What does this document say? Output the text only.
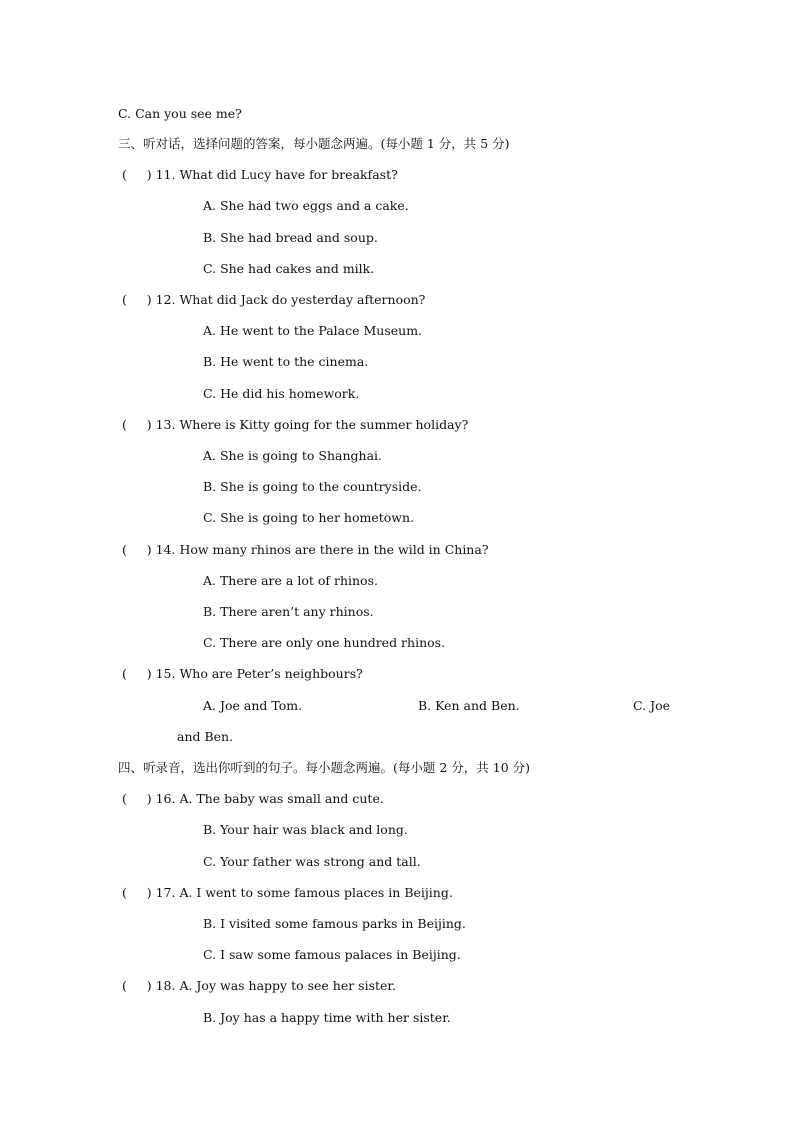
C. Can you see me?
三、听对话，选择问题的答案，每小题念两遍。(每小题 1 分，共 5 分)
(     ) 11. What did Lucy have for breakfast?
A. She had two eggs and a cake.
B. She had bread and soup.
C. She had cakes and milk.
(     ) 12. What did Jack do yesterday afternoon?
A. He went to the Palace Museum.
B. He went to the cinema.
C. He did his homework.
(     ) 13. Where is Kitty going for the summer holiday?
A. She is going to Shanghai.
B. She is going to the countryside.
C. She is going to her hometown.
(     ) 14. How many rhinos are there in the wild in China?
A. There are a lot of rhinos.
B. There aren’t any rhinos.
C. There are only one hundred rhinos.
(     ) 15. Who are Peter’s neighbours?
A. Joe and Tom.	B. Ken and Ben.	C. Joe
and Ben.
四、听录音，选出你听到的句子。每小题念两遍。(每小题 2 分，共 10 分)
(     ) 16. A. The baby was small and cute.
B. Your hair was black and long.
C. Your father was strong and tall.
(     ) 17. A. I went to some famous places in Beijing.
B. I visited some famous parks in Beijing.
C. I saw some famous palaces in Beijing.
(     ) 18. A. Joy was happy to see her sister.
B. Joy has a happy time with her sister.
